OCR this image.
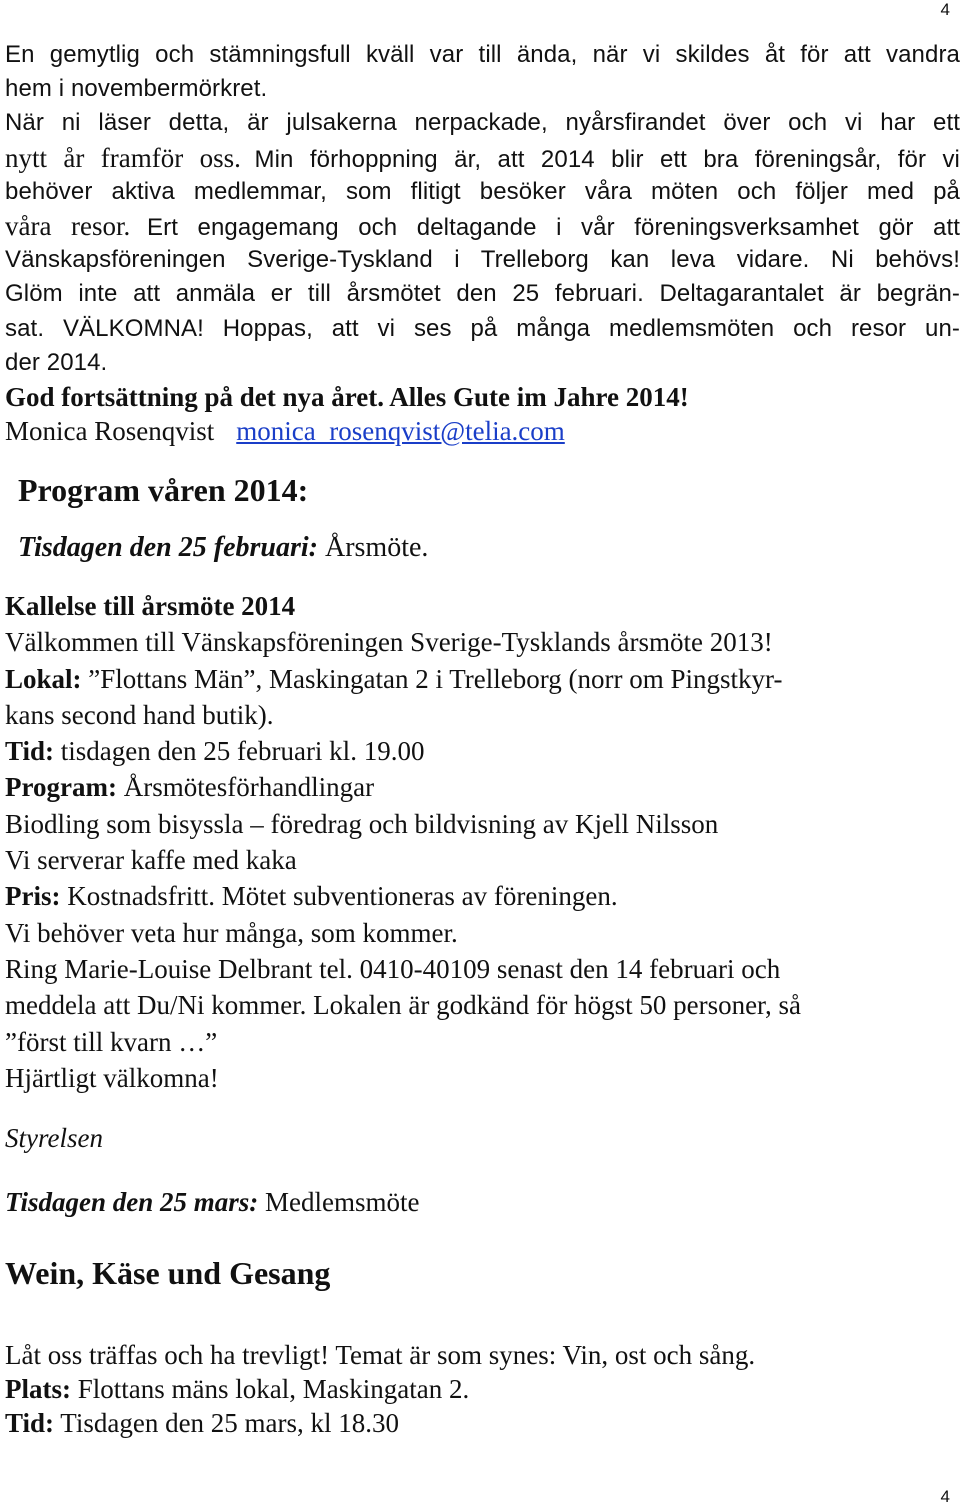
4
En gemytlig och stämningsfull kväll var till ända, när vi skildes åt för att vandra
hem i novembermörkret.
När ni läser detta, är julsakerna nerpackade, nyårsfirandet över och vi har ett
nytt år framför oss. Min förhoppning är, att 2014 blir ett bra föreningsår, för vi
behöver aktiva medlemmar, som flitigt besöker våra möten och följer med på
våra resor. Ert engagemang och deltagande i vår föreningsverksamhet gör att
Vänskapsföreningen Sverige-Tyskland i Trelleborg kan leva vidare. Ni behövs!
Glöm inte att anmäla er till årsmötet den 25 februari. Deltagarantalet är begrän-
sat. VÄLKOMNA! Hoppas, att vi ses på många medlemsmöten och resor un-
der 2014.
God fortsättning på det nya året. Alles Gute im Jahre 2014!
Monica Rosenqvist monica_rosenqvist@telia.com
Program våren 2014:
Tisdagen den 25 februari: Årsmöte.
Kallelse till årsmöte 2014
Välkommen till Vänskapsföreningen Sverige-Tysklands årsmöte 2013!
Lokal: ”Flottans Män”, Maskingatan 2 i Trelleborg (norr om Pingstkyr-
kans second hand butik).
Tid: tisdagen den 25 februari kl. 19.00
Program: Årsmötesförhandlingar
Biodling som bisyssla – föredrag och bildvisning av Kjell Nilsson
Vi serverar kaffe med kaka
Pris: Kostnadsfritt. Mötet subventioneras av föreningen.
Vi behöver veta hur många, som kommer.
Ring Marie-Louise Delbrant tel. 0410-40109 senast den 14 februari och
meddela att Du/Ni kommer. Lokalen är godkänd för högst 50 personer, så
”först till kvarn …”
Hjärtligt välkomna!
Styrelsen
Tisdagen den 25 mars: Medlemsmöte
Wein, Käse und Gesang
Låt oss träffas och ha trevligt! Temat är som synes: Vin, ost och sång.
Plats: Flottans mäns lokal, Maskingatan 2.
Tid: Tisdagen den 25 mars, kl 18.30
4
